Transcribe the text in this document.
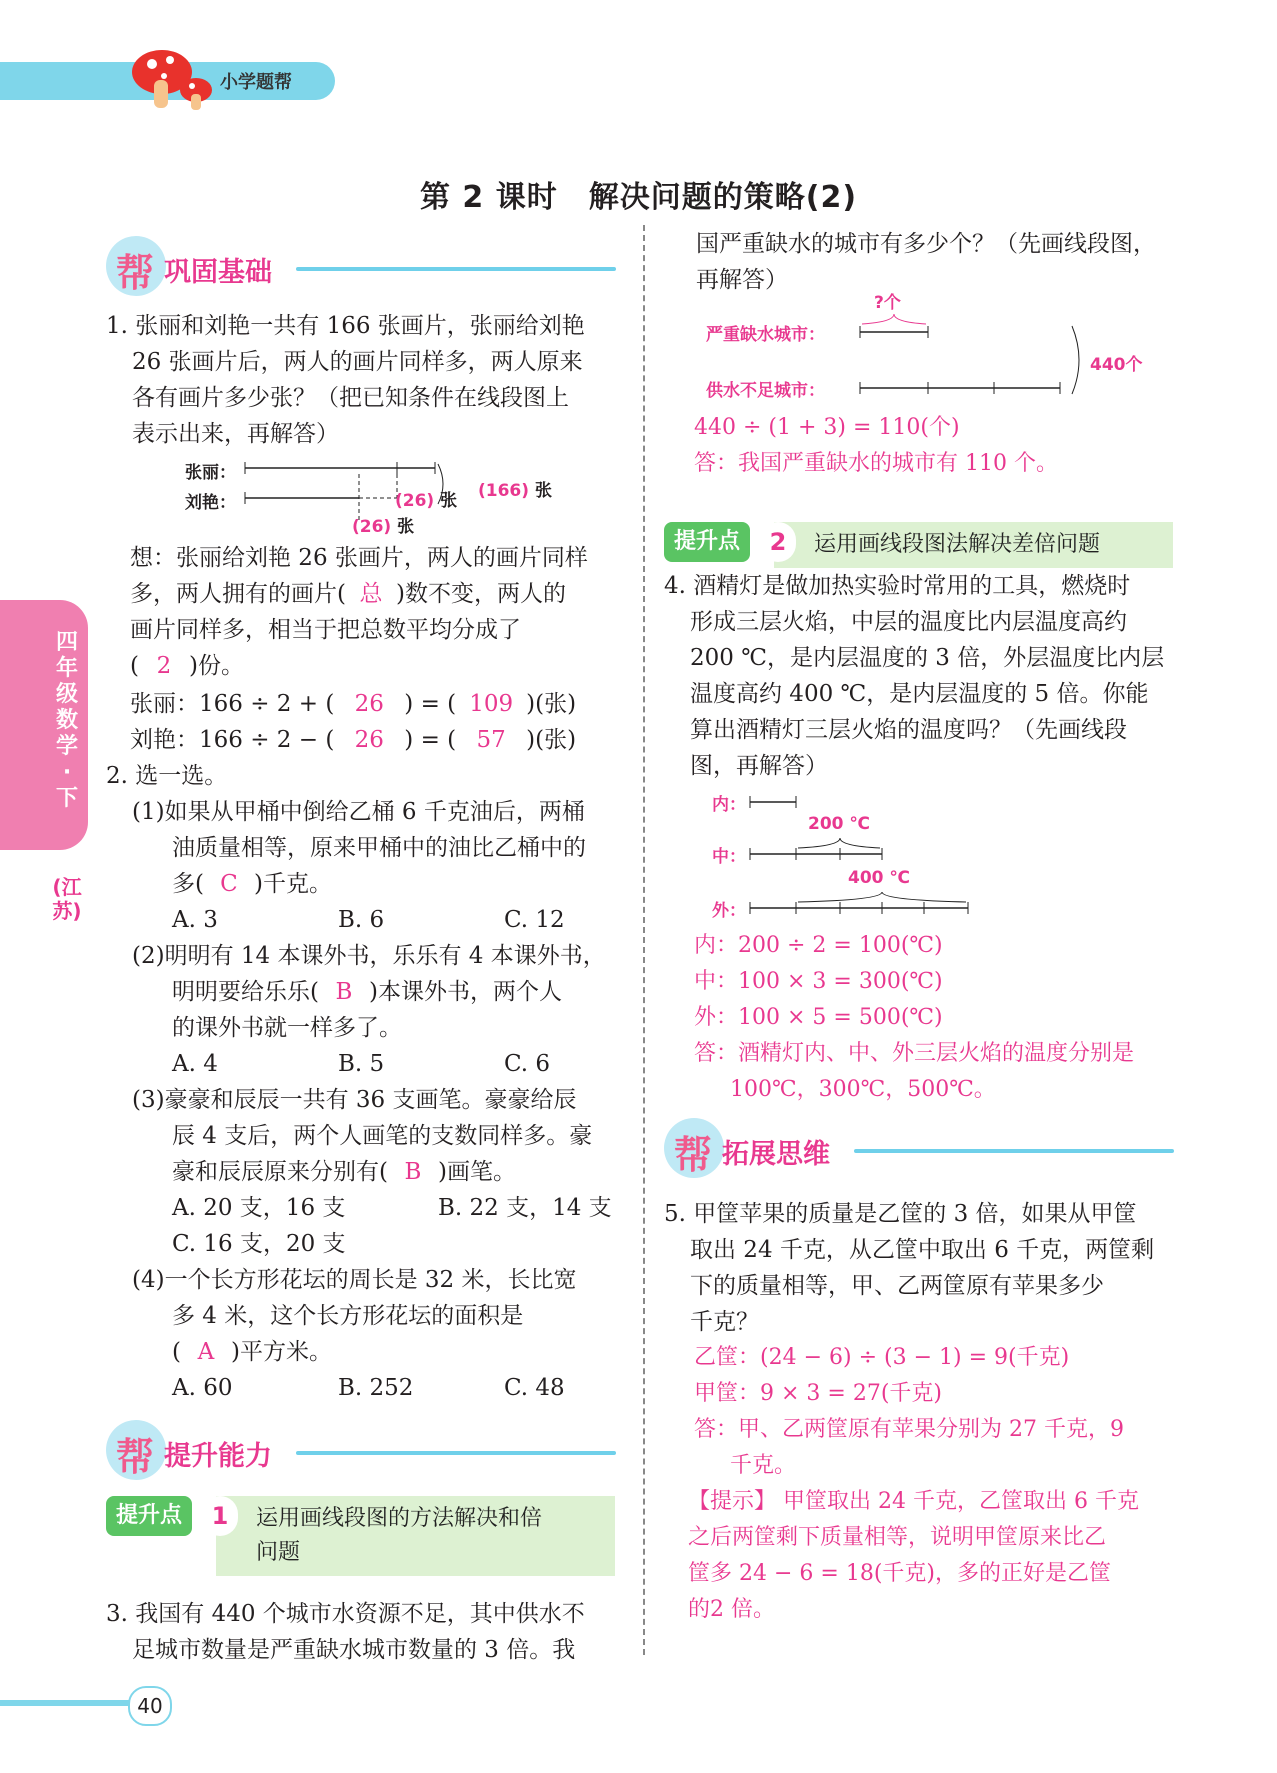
小学题帮
第 2 课时　解决问题的策略(2)
四年级数学·下
(江苏)
帮 巩固基础
1. 张丽和刘艳一共有 166 张画片，张丽给刘艳
26 张画片后，两人的画片同样多，两人原来
各有画片多少张？（把已知条件在线段图上
表示出来，再解答）
张丽：
刘艳：	(26) 张 (166) 张
(26) 张
想：张丽给刘艳 26 张画片，两人的画片同样
多，两人拥有的画片( 总 )数不变，两人的
画片同样多，相当于把总数平均分成了
( 2 )份。
张丽：166 ÷ 2 + ( 26 ) = ( 109 )(张)
刘艳：166 ÷ 2 − ( 26 ) = ( 57 )(张)
2. 选一选。
(1)如果从甲桶中倒给乙桶 6 千克油后，两桶
油质量相等，原来甲桶中的油比乙桶中的
多( C )千克。
A. 3	B. 6	C. 12
(2)明明有 14 本课外书，乐乐有 4 本课外书，
明明要给乐乐( B )本课外书，两个人
的课外书就一样多了。
A. 4	B. 5	C. 6
(3)豪豪和辰辰一共有 36 支画笔。豪豪给辰
辰 4 支后，两个人画笔的支数同样多。豪
豪和辰辰原来分别有( B )画笔。
A. 20 支，16 支	B. 22 支，14 支
C. 16 支，20 支
(4)一个长方形花坛的周长是 32 米，长比宽
多 4 米，这个长方形花坛的面积是
( A )平方米。
A. 60	B. 252	C. 48
帮 提升能力
运用画线段图的方法解决和倍
问题
提升点	1
3. 我国有 440 个城市水资源不足，其中供水不
足城市数量是严重缺水城市数量的 3 倍。我
国严重缺水的城市有多少个？（先画线段图，
再解答）
?个
严重缺水城市：
供水不足城市：
440个
440 ÷ (1 + 3) = 110(个)
答：我国严重缺水的城市有 110 个。
运用画线段图法解决差倍问题
提升点	2
4. 酒精灯是做加热实验时常用的工具，燃烧时
形成三层火焰，中层的温度比内层温度高约
200 ℃，是内层温度的 3 倍，外层温度比内层
温度高约 400 ℃，是内层温度的 5 倍。你能
算出酒精灯三层火焰的温度吗？（先画线段
图，再解答）
内：
中：
外：
200 ℃
400 ℃
内：200 ÷ 2 = 100(℃)
中：100 × 3 = 300(℃)
外：100 × 5 = 500(℃)
答：酒精灯内、中、外三层火焰的温度分别是
100℃，300℃，500℃。
帮 拓展思维
5. 甲筐苹果的质量是乙筐的 3 倍，如果从甲筐
取出 24 千克，从乙筐中取出 6 千克，两筐剩
下的质量相等，甲、乙两筐原有苹果多少
千克？
乙筐：(24 − 6) ÷ (3 − 1) = 9(千克)
甲筐：9 × 3 = 27(千克)
答：甲、乙两筐原有苹果分别为 27 千克，9
千克。
【提示】 甲筐取出 24 千克，乙筐取出 6 千克
之后两筐剩下质量相等，说明甲筐原来比乙
筐多 24 − 6 = 18(千克)，多的正好是乙筐
的2 倍。
40
